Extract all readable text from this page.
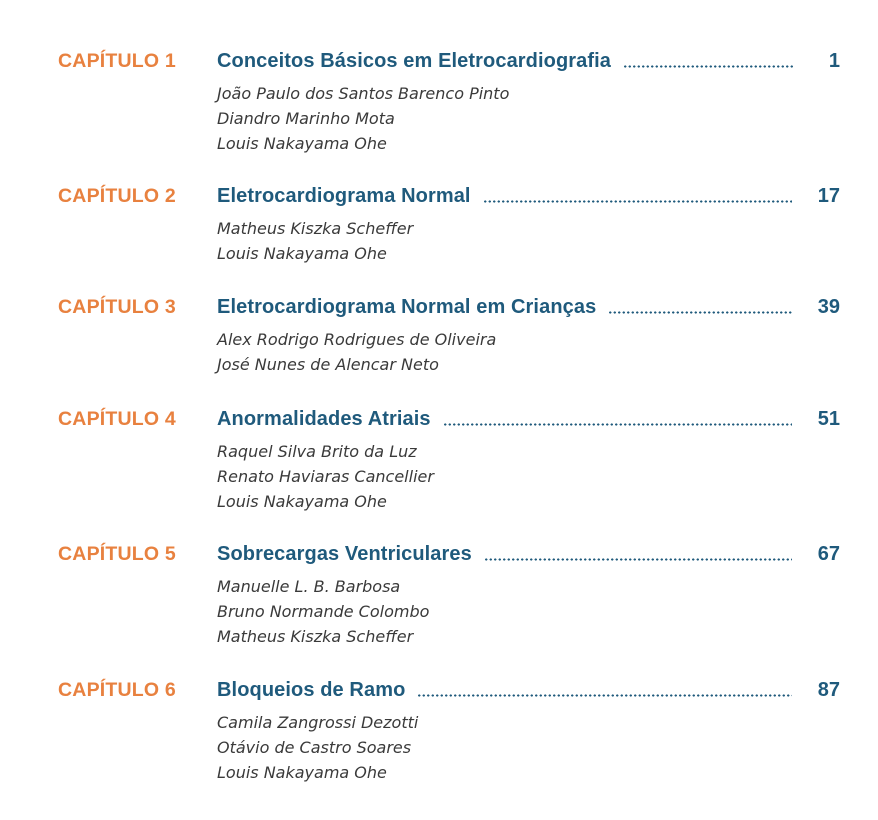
CAPÍTULO 1 Conceitos Básicos em Eletrocardiografia	1
João Paulo dos Santos Barenco Pinto
Diandro Marinho Mota
Louis Nakayama Ohe
CAPÍTULO 2 Eletrocardiograma Normal	17
Matheus Kiszka Scheffer
Louis Nakayama Ohe
CAPÍTULO 3 Eletrocardiograma Normal em Crianças	39
Alex Rodrigo Rodrigues de Oliveira
José Nunes de Alencar Neto
CAPÍTULO 4 Anormalidades Atriais	51
Raquel Silva Brito da Luz
Renato Haviaras Cancellier
Louis Nakayama Ohe
CAPÍTULO 5 Sobrecargas Ventriculares	67
Manuelle L. B. Barbosa
Bruno Normande Colombo
Matheus Kiszka Scheffer
CAPÍTULO 6 Bloqueios de Ramo	87
Camila Zangrossi Dezotti
Otávio de Castro Soares
Louis Nakayama Ohe
